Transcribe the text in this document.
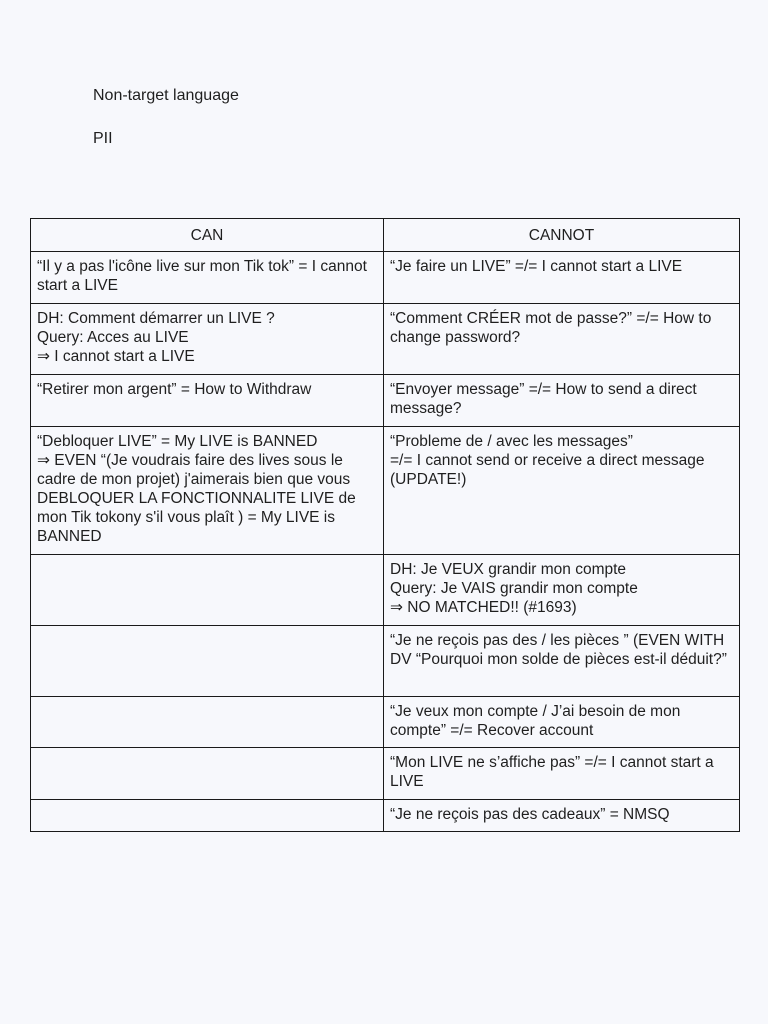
Non-target language

PII

CAN	CANNOT

“Il y a pas l'icône live sur mon Tik tok” = I cannot start a LIVE	“Je faire un LIVE” =/= I cannot start a LIVE

DH: Comment démarrer un LIVE ?
Query: Acces au LIVE
⇒ I cannot start a LIVE	“Comment CRÉER mot de passe?” =/= How to change password?

“Retirer mon argent” = How to Withdraw	“Envoyer message” =/= How to send a direct message?

“Debloquer LIVE” = My LIVE is BANNED
⇒ EVEN “(Je voudrais faire des lives sous le cadre de mon projet) j'aimerais bien que vous DEBLOQUER LA FONCTIONNALITE LIVE de mon Tik tokony s'il vous plaît ) = My LIVE is BANNED	“Probleme de / avec les messages”
=/= I cannot send or receive a direct message (UPDATE!)

	DH: Je VEUX grandir mon compte
Query: Je VAIS grandir mon compte
⇒ NO MATCHED!! (#1693)

	“Je ne reçois pas des / les pièces ” (EVEN WITH DV “Pourquoi mon solde de pièces est-il déduit?”

	“Je veux mon compte / J’ai besoin de mon compte” =/= Recover account

	“Mon LIVE ne s’affiche pas” =/= I cannot start a LIVE

	“Je ne reçois pas des cadeaux” = NMSQ
